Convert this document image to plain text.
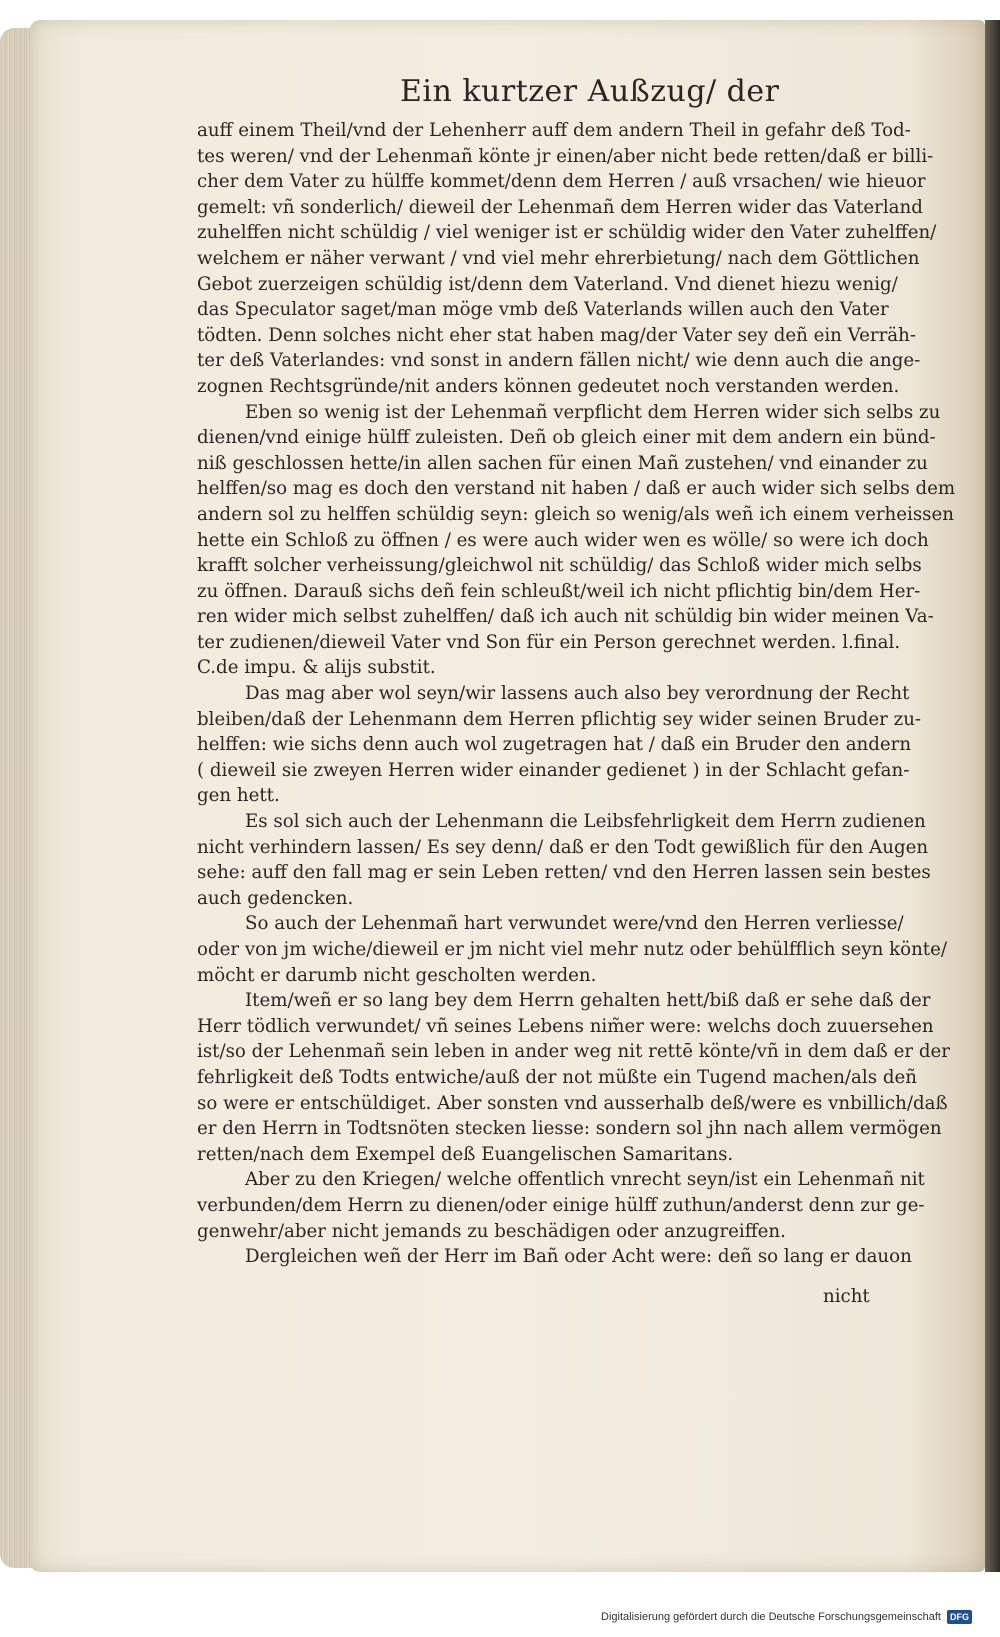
Ein kurtzer Außzug/ der
auff einem Theil/vnd der Lehenherr auff dem andern Theil in gefahr deß Tod-
tes weren/ vnd der Lehenmañ könte jr einen/aber nicht bede retten/daß er billi-
cher dem Vater zu hülffe kommet/denn dem Herren / auß vrsachen/ wie hieuor
gemelt: vñ sonderlich/ dieweil der Lehenmañ dem Herren wider das Vaterland
zuhelffen nicht schüldig / viel weniger ist er schüldig wider den Vater zuhelffen/
welchem er näher verwant / vnd viel mehr ehrerbietung/ nach dem Göttlichen
Gebot zuerzeigen schüldig ist/denn dem Vaterland. Vnd dienet hiezu wenig/
das Speculator saget/man möge vmb deß Vaterlands willen auch den Vater
tödten. Denn solches nicht eher stat haben mag/der Vater sey deñ ein Verräh-
ter deß Vaterlandes: vnd sonst in andern fällen nicht/ wie denn auch die ange-
zognen Rechtsgründe/nit anders können gedeutet noch verstanden werden.
Eben so wenig ist der Lehenmañ verpflicht dem Herren wider sich selbs zu
dienen/vnd einige hülff zuleisten. Deñ ob gleich einer mit dem andern ein bünd-
niß geschlossen hette/in allen sachen für einen Mañ zustehen/ vnd einander zu
helffen/so mag es doch den verstand nit haben / daß er auch wider sich selbs dem
andern sol zu helffen schüldig seyn: gleich so wenig/als weñ ich einem verheissen
hette ein Schloß zu öffnen / es were auch wider wen es wölle/ so were ich doch
krafft solcher verheissung/gleichwol nit schüldig/ das Schloß wider mich selbs
zu öffnen. Darauß sichs deñ fein schleußt/weil ich nicht pflichtig bin/dem Her-
ren wider mich selbst zuhelffen/ daß ich auch nit schüldig bin wider meinen Va-
ter zudienen/dieweil Vater vnd Son für ein Person gerechnet werden. l.final.
C.de impu. & alijs substit.
Das mag aber wol seyn/wir lassens auch also bey verordnung der Recht
bleiben/daß der Lehenmann dem Herren pflichtig sey wider seinen Bruder zu-
helffen: wie sichs denn auch wol zugetragen hat / daß ein Bruder den andern
( dieweil sie zweyen Herren wider einander gedienet ) in der Schlacht gefan-
gen hett.
Es sol sich auch der Lehenmann die Leibsfehrligkeit dem Herrn zudienen
nicht verhindern lassen/ Es sey denn/ daß er den Todt gewißlich für den Augen
sehe: auff den fall mag er sein Leben retten/ vnd den Herren lassen sein bestes
auch gedencken.
So auch der Lehenmañ hart verwundet were/vnd den Herren verliesse/
oder von jm wiche/dieweil er jm nicht viel mehr nutz oder behülfflich seyn könte/
möcht er darumb nicht gescholten werden.
Item/weñ er so lang bey dem Herrn gehalten hett/biß daß er sehe daß der
Herr tödlich verwundet/ vñ seines Lebens nim̃er were: welchs doch zuuersehen
ist/so der Lehenmañ sein leben in ander weg nit rettē könte/vñ in dem daß er der
fehrligkeit deß Todts entwiche/auß der not müßte ein Tugend machen/als deñ
so were er entschüldiget. Aber sonsten vnd ausserhalb deß/were es vnbillich/daß
er den Herrn in Todtsnöten stecken liesse: sondern sol jhn nach allem vermögen
retten/nach dem Exempel deß Euangelischen Samaritans.
Aber zu den Kriegen/ welche offentlich vnrecht seyn/ist ein Lehenmañ nit
verbunden/dem Herrn zu dienen/oder einige hülff zuthun/anderst denn zur ge-
genwehr/aber nicht jemands zu beschädigen oder anzugreiffen.
Dergleichen weñ der Herr im Bañ oder Acht were: deñ so lang er dauon
nicht
Digitalisierung gefördert durch die Deutsche Forschungsgemeinschaft	DFG
